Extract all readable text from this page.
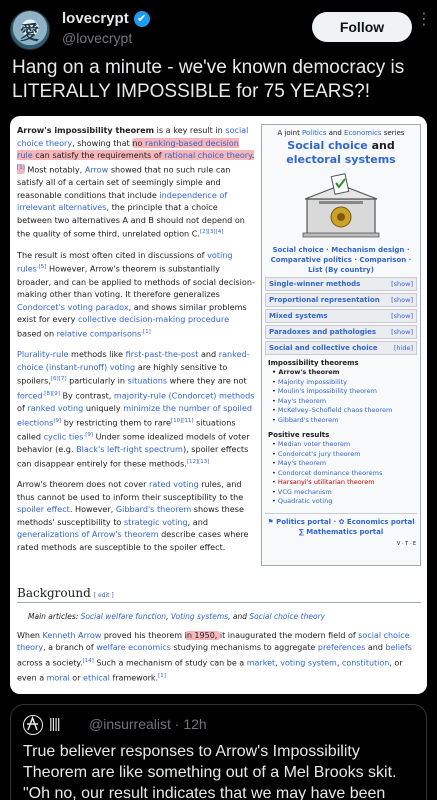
愛
lovecrypt ✔
@lovecrypt
Follow	⋮
Hang on a minute - we've known democracy is LITERALLY IMPOSSIBLE for 75 YEARS?!

Arrow's impossibility theorem is a key result in social choice theory, showing that no ranking-based decision rule can satisfy the requirements of rational choice theory.[1] Most notably, Arrow showed that no such rule can satisfy all of a certain set of seemingly simple and reasonable conditions that include independence of irrelevant alternatives, the principle that a choice between two alternatives A and B should not depend on the quality of some third, unrelated option C.[2][3][4]

The result is most often cited in discussions of voting rules$^{.[5]}$ However, Arrow's theorem is substantially broader, and can be applied to methods of social decision-making other than voting. It therefore generalizes Condorcet's voting paradox, and shows similar problems exist for every collective decision-making procedure based on relative comparisons$^{.[1]}$

Plurality-rule methods like first-past-the-post and ranked-choice (instant-runoff) voting are highly sensitive to spoilers,[6][7] particularly in situations where they are not forced$^{.[8][9]}$ By contrast, majority-rule (Condorcet) methods of ranked voting uniquely minimize the number of spoiled elections[9] by restricting them to rare[10][11] situations called cyclic ties$^{.[9]}$ Under some idealized models of voter behavior (e.g. Black's left-right spectrum), spoiler effects can disappear entirely for these methods.[12][13]

Arrow's theorem does not cover rated voting rules, and thus cannot be used to inform their susceptibility to the spoiler effect. However, Gibbard's theorem shows these methods' susceptibility to strategic voting, and generalizations of Arrow's theorem describe cases where rated methods are susceptible to the spoiler effect.

A joint Politics and Economics series
Social choice and
electoral systems
Social choice · Mechanism design · Comparative politics · Comparison · List (By country)
Single-winner methods	[show]
Proportional representation [show]
Mixed systems	[show]
Paradoxes and pathologies [show]
Social and collective choice	[hide]
Impossibility theorems
• Arrow's theorem
• Majority impossibility
• Moulin's impossibility theorem
• May's theorem
• McKelvey–Schofield chaos theorem
• Gibbard's theorem
Positive results
• Median voter theorem
• Condorcet's jury theorem
• May's theorem
• Condorcet dominance theorems
• Harsanyi's utilitarian theorem
• VCG mechanism
• Quadratic voting
⚑ Politics portal · ✿ Economics portal
∑ Mathematics portal
V · T · E
Background [ edit ]
Main articles: Social welfare function, Voting systems, and Social choice theory
When Kenneth Arrow proved his theorem in 1950, it inaugurated the modern field of social choice theory, a branch of welfare economics studying mechanisms to aggregate preferences and beliefs across a society.[14] Such a mechanism of study can be a market, voting system, constitution, or even a moral or ethical framework.[1]
|||| @insurrealist · 12h
True believer responses to Arrow's Impossibility Theorem are like something out of a Mel Brooks skit. "Oh no, our result indicates that we may have been
